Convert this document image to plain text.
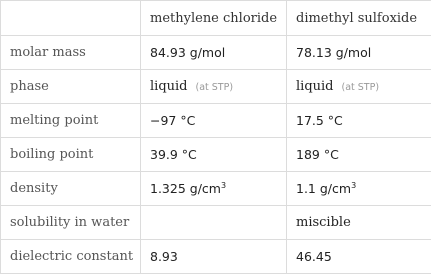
	methylene chloride	dimethyl sulfoxide
molar mass	84.93 g/mol	78.13 g/mol
phase	liquid (at STP)	liquid (at STP)
melting point	−97 °C	17.5 °C
boiling point	39.9 °C	189 °C
density	1.325 $g/cm^3$	1.1 $g/cm^3$
solubility in water		miscible
dielectric constant	8.93	46.45
